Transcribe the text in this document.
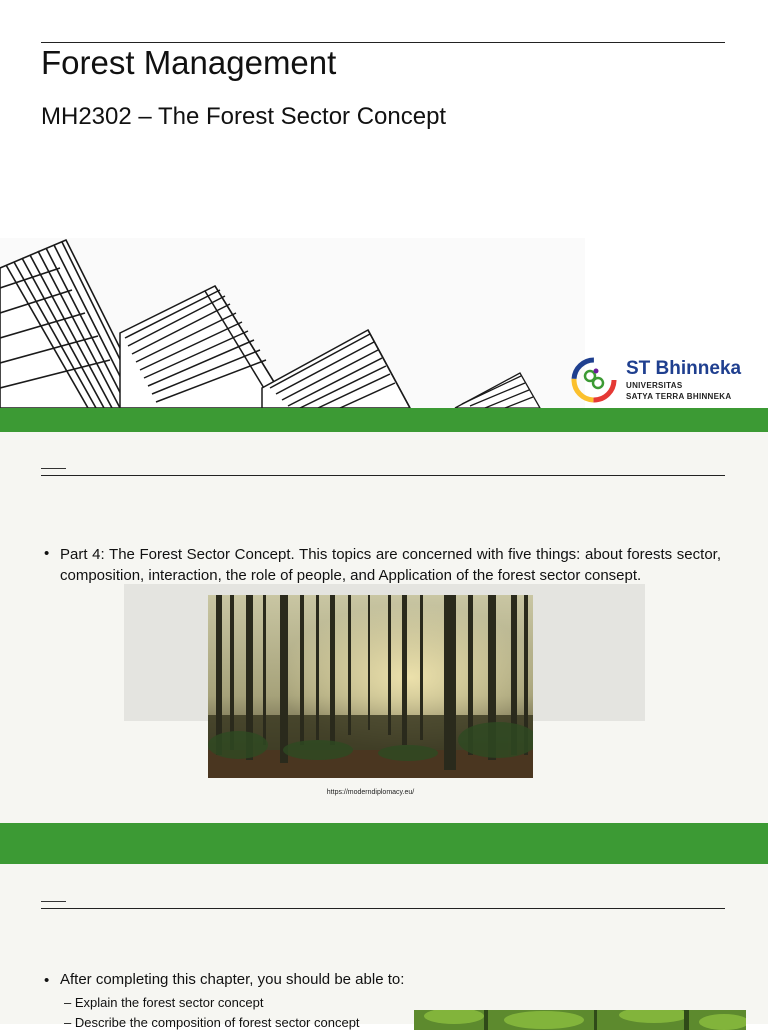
Forest Management
MH2302 – The Forest Sector Concept
ST Bhinneka
UNIVERSITAS
SATYA TERRA BHINNEKA
• Part 4: The Forest Sector Concept. This topics are concerned with five things: about forests sector, composition, interaction, the role of people, and Application of the forest sector consept.
https://moderndiplomacy.eu/
• After completing this chapter, you should be able to:
– Explain the forest sector concept
– Describe the composition of forest sector concept
